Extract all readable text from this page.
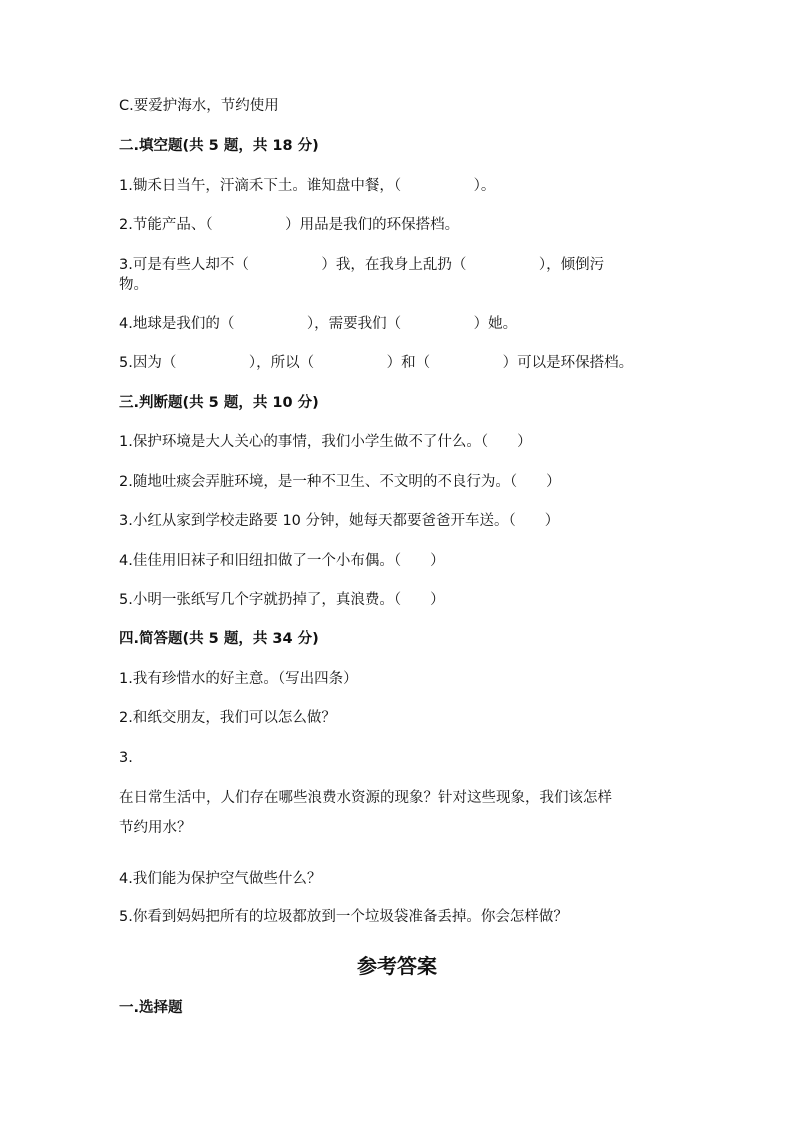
C.要爱护海水，节约使用
二.填空题(共 5 题，共 18 分)
1.锄禾日当午，汗滴禾下土。谁知盘中餐，（　　　　　）。
2.节能产品、（　　　　　）用品是我们的环保搭档。
3.可是有些人却不（　　　　　）我，在我身上乱扔（　　　　　），倾倒污
物。
4.地球是我们的（　　　　　），需要我们（　　　　　）她。
5.因为（　　　　　），所以（　　　　　）和（　　　　　）可以是环保搭档。
三.判断题(共 5 题，共 10 分)
1.保护环境是大人关心的事情，我们小学生做不了什么。（　　）
2.随地吐痰会弄脏环境，是一种不卫生、不文明的不良行为。（　　）
3.小红从家到学校走路要 10 分钟，她每天都要爸爸开车送。（　　）
4.佳佳用旧袜子和旧纽扣做了一个小布偶。（　　）
5.小明一张纸写几个字就扔掉了，真浪费。（　　）
四.简答题(共 5 题，共 34 分)
1.我有珍惜水的好主意。（写出四条）
2.和纸交朋友，我们可以怎么做？
3.
在日常生活中，人们存在哪些浪费水资源的现象？针对这些现象，我们该怎样
节约用水？
4.我们能为保护空气做些什么？
5.你看到妈妈把所有的垃圾都放到一个垃圾袋准备丢掉。你会怎样做？
参考答案
一.选择题
